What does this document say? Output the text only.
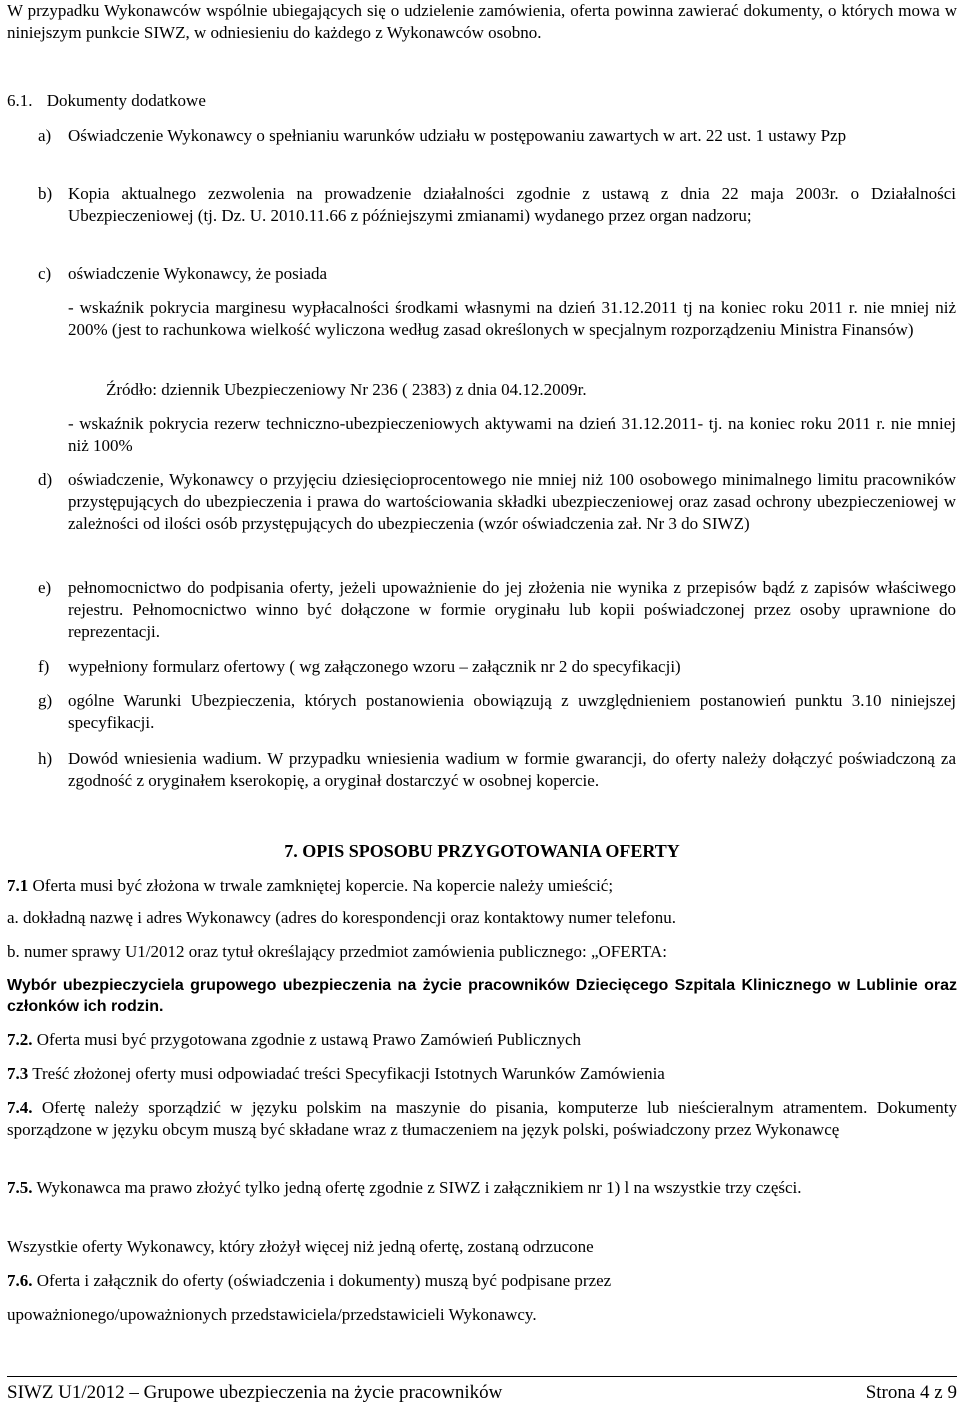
W przypadku Wykonawców wspólnie ubiegających się o udzielenie zamówienia, oferta powinna zawierać dokumenty, o których mowa w niniejszym punkcie SIWZ, w odniesieniu do każdego z Wykonawców osobno.

6.1. Dokumenty dodatkowe
a) Oświadczenie Wykonawcy o spełnianiu warunków udziału w postępowaniu zawartych w art. 22 ust. 1 ustawy Pzp

b) Kopia aktualnego zezwolenia na prowadzenie działalności zgodnie z ustawą z dnia 22 maja 2003r. o Działalności Ubezpieczeniowej (tj. Dz. U. 2010.11.66 z późniejszymi zmianami) wydanego przez organ nadzoru;

c) oświadczenie Wykonawcy, że posiada

- wskaźnik pokrycia marginesu wypłacalności środkami własnymi na dzień 31.12.2011 tj na koniec roku 2011 r. nie mniej niż 200% (jest to rachunkowa wielkość wyliczona według zasad określonych w specjalnym rozporządzeniu Ministra Finansów)

Źródło: dziennik Ubezpieczeniowy Nr 236 ( 2383) z dnia 04.12.2009r.

- wskaźnik pokrycia rezerw techniczno-ubezpieczeniowych aktywami na dzień 31.12.2011- tj. na koniec roku 2011 r. nie mniej niż 100%

d) oświadczenie, Wykonawcy o przyjęciu dziesięcioprocentowego nie mniej niż 100 osobowego minimalnego limitu pracowników przystępujących do ubezpieczenia i prawa do wartościowania składki ubezpieczeniowej oraz zasad ochrony ubezpieczeniowej w zależności od ilości osób przystępujących do ubezpieczenia (wzór oświadczenia zał. Nr 3 do SIWZ)

e) pełnomocnictwo do podpisania oferty, jeżeli upoważnienie do jej złożenia nie wynika z przepisów bądź z zapisów właściwego rejestru. Pełnomocnictwo winno być dołączone w formie oryginału lub kopii poświadczonej przez osoby uprawnione do reprezentacji.

f)	wypełniony formularz ofertowy ( wg załączonego wzoru – załącznik nr 2 do specyfikacji)

g) ogólne Warunki Ubezpieczenia, których postanowienia obowiązują z uwzględnieniem postanowień punktu 3.10 niniejszej specyfikacji.

h) Dowód wniesienia wadium. W przypadku wniesienia wadium w formie gwarancji, do oferty należy dołączyć poświadczoną za zgodność z oryginałem kserokopię, a oryginał dostarczyć w osobnej kopercie.

7. OPIS SPOSOBU PRZYGOTOWANIA OFERTY

7.1 Oferta musi być złożona w trwale zamkniętej kopercie. Na kopercie należy umieścić;

a. dokładną nazwę i adres Wykonawcy (adres do korespondencji oraz kontaktowy numer telefonu.

b. numer sprawy U1/2012 oraz tytuł określający przedmiot zamówienia publicznego: „OFERTA:

Wybór ubezpieczyciela grupowego ubezpieczenia na życie pracowników Dziecięcego Szpitala Klinicznego w Lublinie oraz członków ich rodzin.

7.2. Oferta musi być przygotowana zgodnie z ustawą Prawo Zamówień Publicznych

7.3 Treść złożonej oferty musi odpowiadać treści Specyfikacji Istotnych Warunków Zamówienia

7.4. Ofertę należy sporządzić w języku polskim na maszynie do pisania, komputerze lub nieścieralnym atramentem. Dokumenty sporządzone w języku obcym muszą być składane wraz z tłumaczeniem na język polski, poświadczony przez Wykonawcę

7.5. Wykonawca ma prawo złożyć tylko jedną ofertę zgodnie z SIWZ i załącznikiem nr 1) l na wszystkie trzy części.

Wszystkie oferty Wykonawcy, który złożył więcej niż jedną ofertę, zostaną odrzucone

7.6. Oferta i załącznik do oferty (oświadczenia i dokumenty) muszą być podpisane przez

upoważnionego/upoważnionych przedstawiciela/przedstawicieli Wykonawcy.

SIWZ U1/2012 – Grupowe ubezpieczenia na życie pracowników	Strona 4 z 9
